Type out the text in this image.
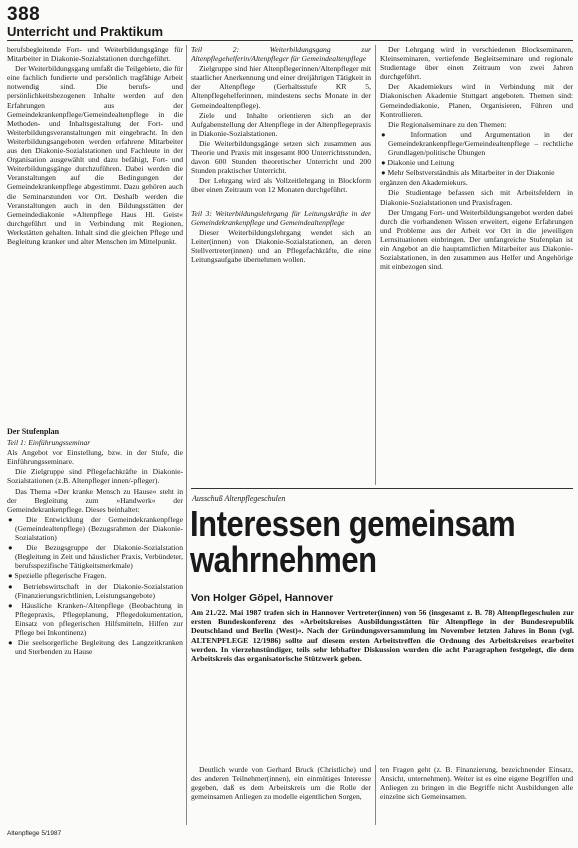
388
Unterricht und Praktikum

berufsbegleitende Fort- und Weiterbildungsgänge für Mitarbeiter in Diakonie-Sozialstationen durchgeführt.

Der Weiterbildungsgang umfaßt die Teilgebiete, die für eine fachlich fundierte und persönlich tragfähige Arbeit notwendig sind. Die berufs- und persönlichkeitsbezogenen Inhalte werden auf den Erfahrungen aus der Gemeindekrankenpflege/Gemeindealtenpflege in die Methoden- und Inhaltsgestaltung der Fort- und Weiterbildungsveranstaltungen mit eingebracht. In den Weiterbildungsangeboten werden erfahrene Mitarbeiter aus den Diakonie-Sozialstationen und Fachleute in der Organisation ausgewählt und dazu befähigt, Fort- und Weiterbildungsgänge durchzuführen. Dabei werden die Veranstaltungen auf die Bedingungen der Gemeindekrankenpflege abgestimmt. Dazu gehören auch die Seminarstunden vor Ort. Deshalb werden die Veranstaltungen auch in den Bildungsstätten der Gemeindediakonie »Altenpflege Haus Hl. Geist« durchgeführt und in Verbindung mit Regionen, Werkstätten gehalten. Inhalt sind die gleichen Pflege und Begleitung kranker und alter Menschen im Mittelpunkt.

Der Stufenplan

Teil 1: Einführungsseminar

Als Angebot vor Einstellung, bzw. in der Stufe, die Einführungsseminare.

Die Zielgruppe sind Pflegefachkräfte in Diakonie-Sozialstationen (z.B. Altenpfleger innen/-pfleger).

Das Thema »Der kranke Mensch zu Hause« steht in der Begleitung zum »Handwerk« der Gemeindekrankenpflege. Dieses beinhaltet:

● Die Entwicklung der Gemeindekrankenpflege (Gemeindealtenpflege) (Bezugsrahmen der Diakonie-Sozialstation)

● Die Bezugsgruppe der Diakonie-Sozialstation (Begleitung in Zeit und häuslicher Praxis, Verbündeter, berufsspezifische Tätigkeitsmerkmale)

● Spezielle pflegerische Fragen.

● Betriebswirtschaft in der Diakonie-Sozialstation (Finanzierungsrichtlinien, Leistungsangebote)

● Häusliche Kranken-/Altenpflege (Beobachtung in Pflegepraxis, Pflegeplanung, Pflegedokumentation, Einsatz von pflegerischen Hilfsmitteln, Hilfen zur Pflege bei Inkontinenz)

● Die seelsorgerliche Begleitung des Langzeitkranken und Sterbenden zu Hause

Teil 2: Weiterbildungsgang zur Altenpflegehelferin/Altenpfleger für Gemeindealtenpflege

Zielgruppe sind hier Altenpflegerinnen/Altenpfleger mit staatlicher Anerkennung und einer dreijährigen Tätigkeit in der Altenpflege (Gerhaltsstufe KR 5, Altenpflegehelferinnen, mindestens sechs Monate in der Gemeindealtenpflege).

Ziele und Inhalte orientieren sich an der Aufgabenstellung der Altenpflege in der Altenpflegepraxis in Diakonie-Sozialstationen.

Die Weiterbildungsgänge setzen sich zusammen aus Theorie und Praxis mit insgesamt 800 Unterrichtsstunden, davon 600 Stunden theoretischer Unterricht und 200 Stunden praktischer Unterricht.

Der Lehrgang wird als Vollzeitlehrgang in Blockform über einen Zeitraum von 12 Monaten durchgeführt.

Teil 3: Weiterbildungslehrgang für Leitungskräfte in der Gemeindekrankenpflege und Gemeindealtenpflege

Dieser Weiterbildungslehrgang wendet sich an Leiter(innen) von Diakonie-Sozialstationen, an deren Stellvertreter(innen) und an Pflegefachkräfte, die eine Leitungsaufgabe übernehmen wollen.

Der Lehrgang wird in verschiedenen Blockseminaren, Kleinseminaren, vertiefende Begleitseminare und regionale Studientage über einen Zeitraum von zwei Jahren durchgeführt.

Der Akademiekurs wird in Verbindung mit der Diakonischen Akademie Stuttgart angeboten. Themen sind: Gemeindediakonie, Planen, Organisieren, Führen und Kontrollieren.

Die Regionalseminare zu den Themen:

● Information und Argumentation in der Gemeindekrankenpflege/Gemeindealtenpflege – rechtliche Grundlagen/politische Übungen

● Diakonie und Leitung

● Mehr Selbstverständnis als Mitarbeiter in der Diakonie

ergänzen den Akademiekurs.

Die Studientage befassen sich mit Arbeitsfeldern in Diakonie-Sozialstationen und Praxisfragen.

Der Umgang Fort- und Weiterbildungsangebot werden dabei durch die vorhandenen Wissen erweitert, eigene Erfahrungen und Probleme aus der Arbeit vor Ort in die jeweiligen Lernsituationen einbringen. Der umfangreiche Stufenplan ist ein Angebot an die hauptamtlichen Mitarbeiter aus Diakonie-Sozialstationen, in den zusammen aus Helfer und Angehörige mit einbezogen sind.

Ausschuß Altenpflegeschulen
Interessen gemeinsam
wahrnehmen
Von Holger Göpel, Hannover
Am 21./22. Mai 1987 trafen sich in Hannover Vertreter(innen) von 56 (insgesamt z. B. 78) Altenpflegeschulen zur ersten Bundeskonferenz des »Arbeitskreises Ausbildungsstätten für Altenpflege in der Bundesrepublik Deutschland und Berlin (West)«. Nach der Gründungsversammlung im November letzten Jahres in Bonn (vgl. ALTENPFLEGE 12/1986) sollte auf diesem ersten Arbeitstreffen die Ordnung des Arbeitskreises erarbeitet werden. In vierzehnstündiger, teils sehr lebhafter Diskussion wurden die acht Paragraphen festgelegt, die dem Arbeitskreis das organisatorische Stützwerk geben.

Deutlich wurde von Gerhard Bruck (Christliche) und des anderen Teilnehmer(innen), ein einmütiges Interesse gegeben, daß es dem Arbeitskreis um die Rolle der gemeinsamen Anliegen zu modelle eigentlichen Sorgen,

ten Fragen geht (z. B. Finanzierung, bezeichnender Einsatz, Ansicht, unternehmen). Weiter ist es eine eigene Begriffen und Anliegen zu bringen in die Begriffe nicht Ausbildungen alle einzelne sich Gemeinsamen.

Altenpflege 5/1987
